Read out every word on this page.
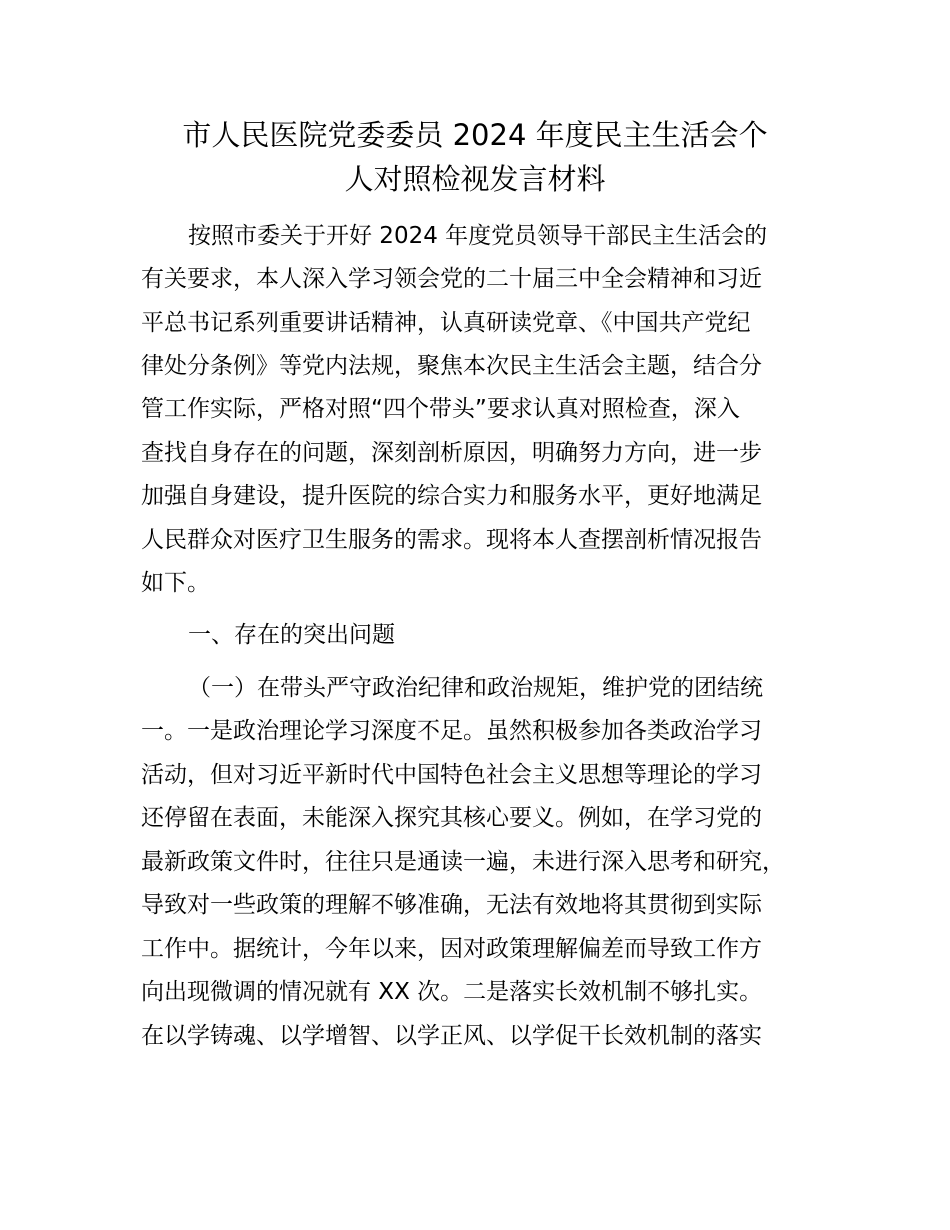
市人民医院党委委员 2024 年度民主生活会个
人对照检视发言材料
按照市委关于开好 2024 年度党员领导干部民主生活会的
有关要求，本人深入学习领会党的二十届三中全会精神和习近
平总书记系列重要讲话精神，认真研读党章、《中国共产党纪
律处分条例》等党内法规，聚焦本次民主生活会主题，结合分
管工作实际，严格对照“四个带头”要求认真对照检查，深入
查找自身存在的问题，深刻剖析原因，明确努力方向，进一步
加强自身建设，提升医院的综合实力和服务水平，更好地满足
人民群众对医疗卫生服务的需求。现将本人查摆剖析情况报告
如下。
一、存在的突出问题
（一）在带头严守政治纪律和政治规矩，维护党的团结统
一。一是政治理论学习深度不足。虽然积极参加各类政治学习
活动，但对习近平新时代中国特色社会主义思想等理论的学习
还停留在表面，未能深入探究其核心要义。例如，在学习党的
最新政策文件时，往往只是通读一遍，未进行深入思考和研究，
导致对一些政策的理解不够准确，无法有效地将其贯彻到实际
工作中。据统计，今年以来，因对政策理解偏差而导致工作方
向出现微调的情况就有 XX 次。二是落实长效机制不够扎实。
在以学铸魂、以学增智、以学正风、以学促干长效机制的落实
